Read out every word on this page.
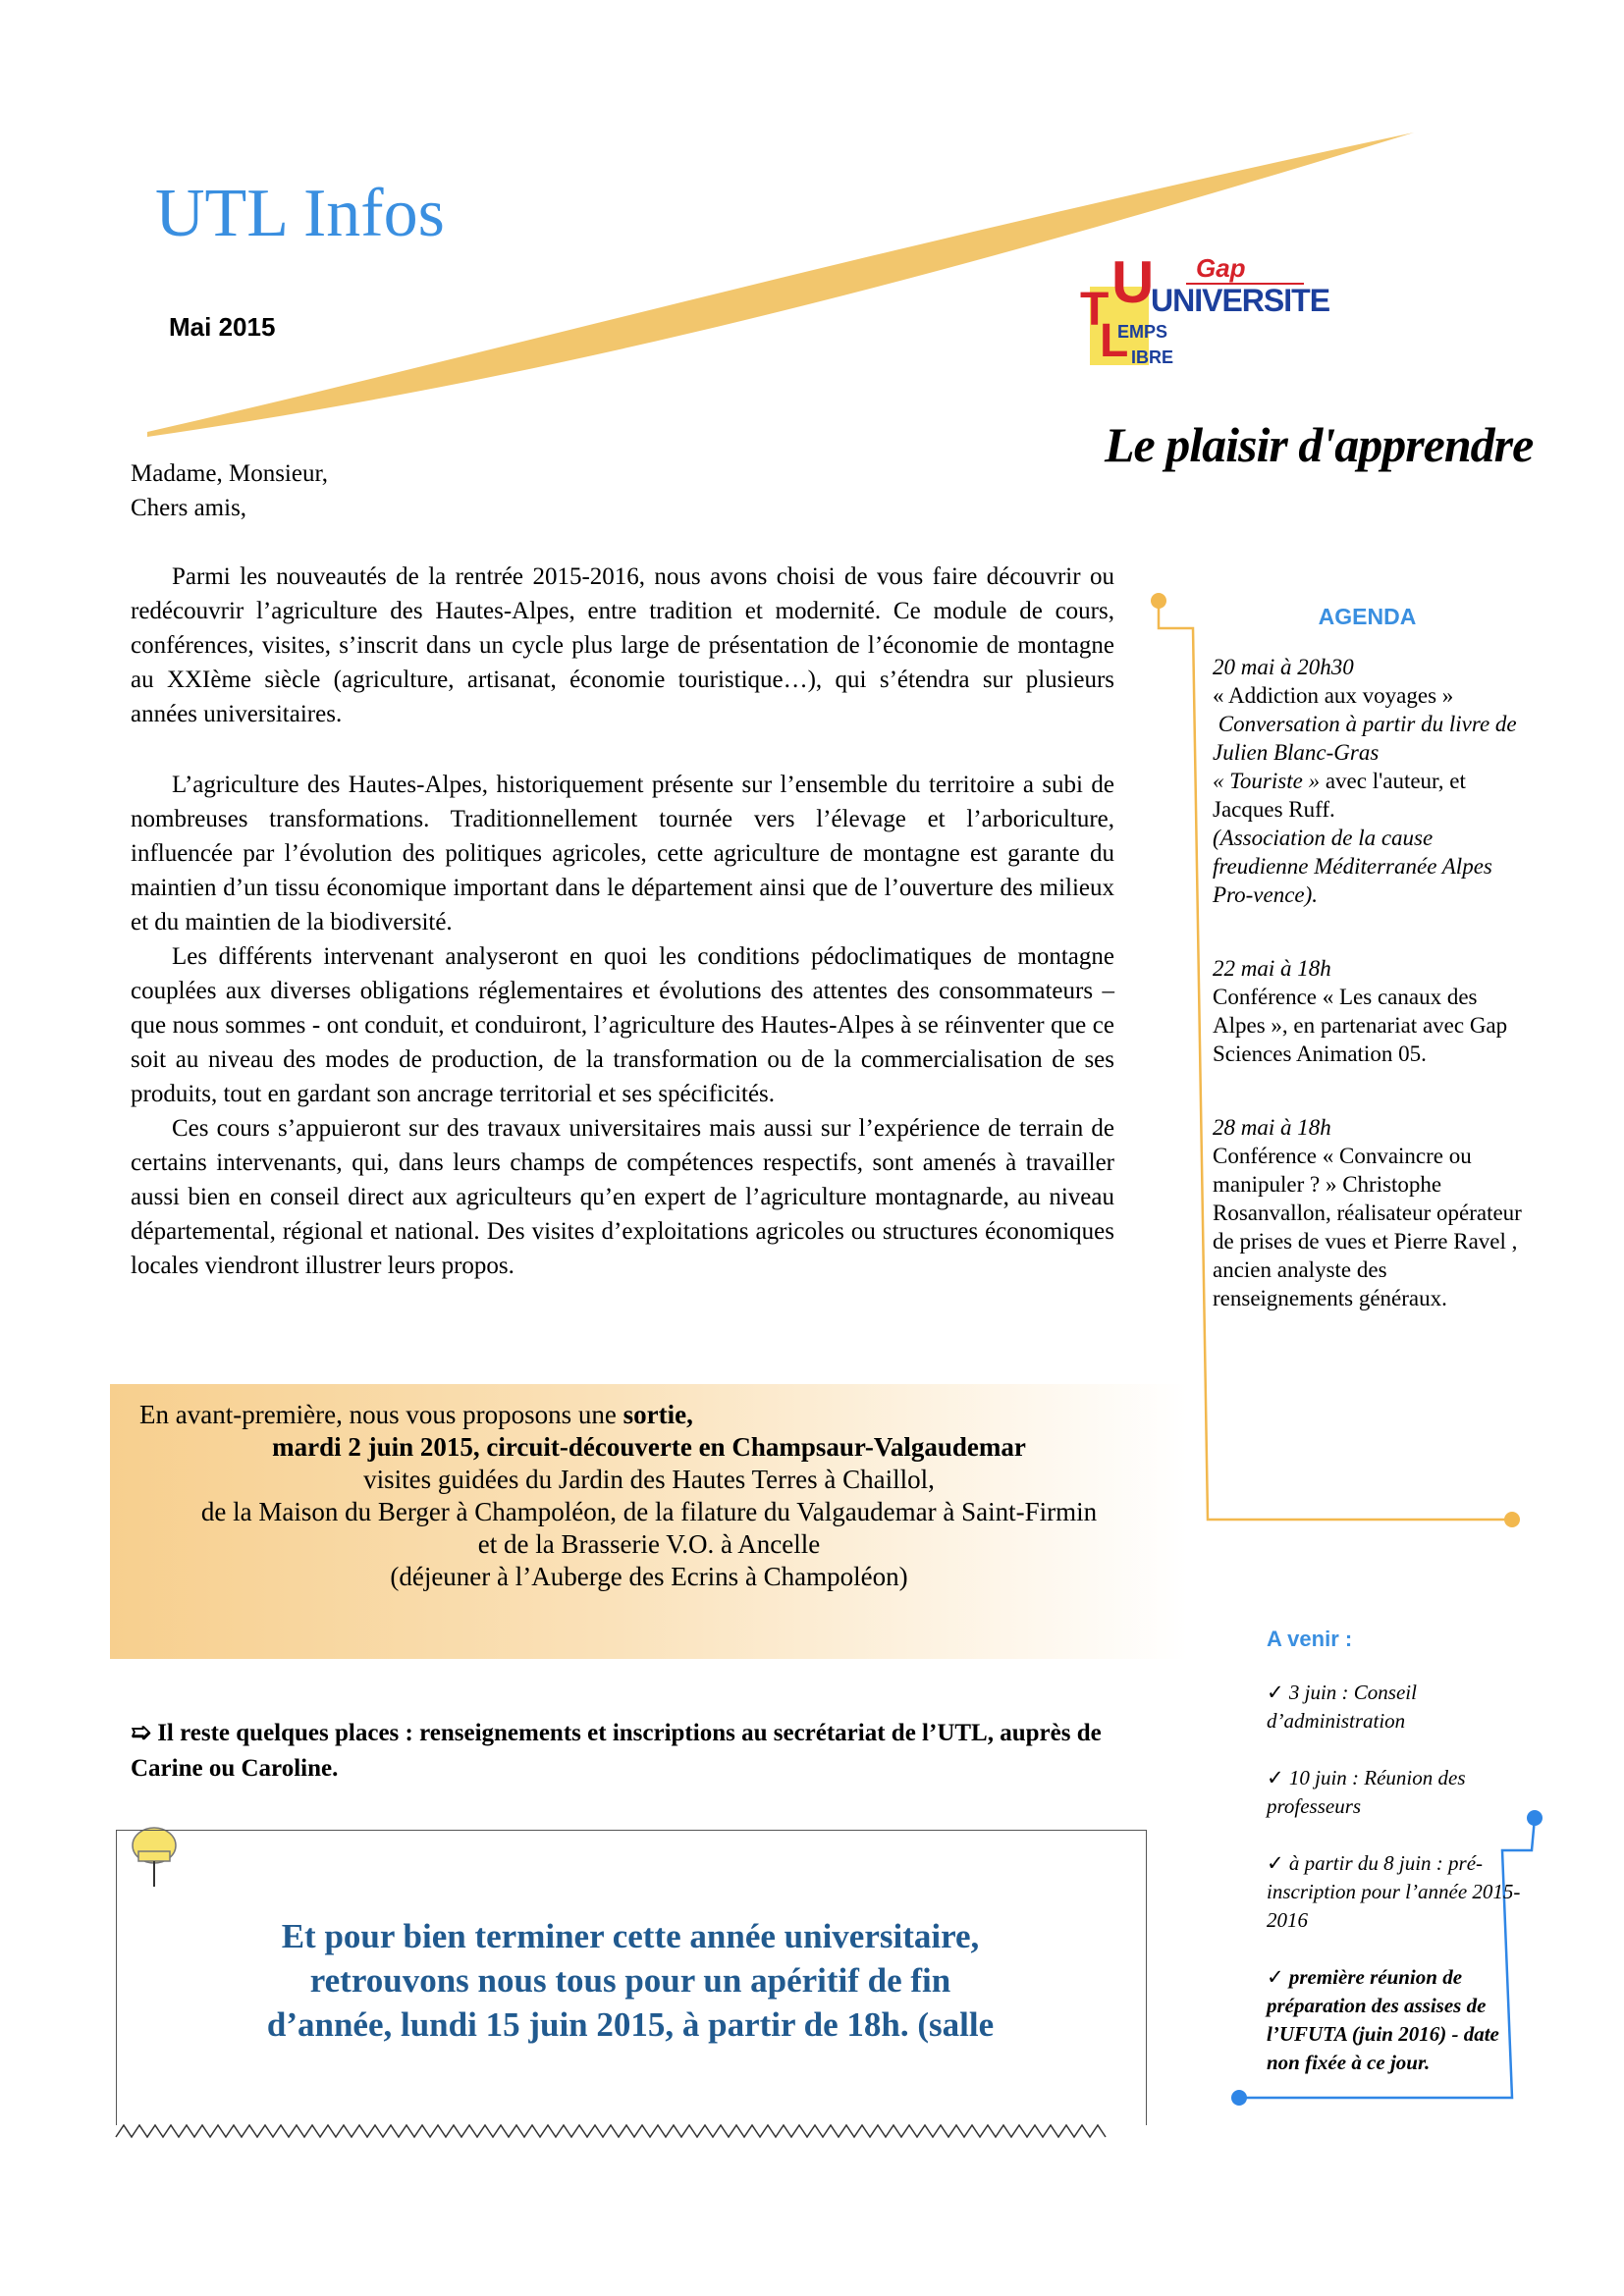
UTL Infos
Mai 2015
Gap
U
UNIVERSITE
T EMPS
L IBRE
Le plaisir d'apprendre
Madame, Monsieur,
Chers amis,

Parmi les nouveautés de la rentrée 2015-2016, nous avons choisi de vous faire découvrir ou redécouvrir l’agriculture des Hautes-Alpes, entre tradition et modernité. Ce module de cours, conférences, visites, s’inscrit dans un cycle plus large de présentation de l’économie de montagne au XXIème siècle (agriculture, artisanat, économie touristique…), qui s’étendra sur plusieurs années universitaires.

L’agriculture des Hautes-Alpes, historiquement présente sur l’ensemble du territoire a subi de nombreuses transformations. Traditionnellement tournée vers l’élevage et l’arboriculture, influencée par l’évolution des politiques agricoles, cette agriculture de montagne est garante du maintien d’un tissu économique important dans le département ainsi que de l’ouverture des milieux et du maintien de la biodiversité.

Les différents intervenant analyseront en quoi les conditions pédoclimatiques de montagne couplées aux diverses obligations réglementaires et évolutions des attentes des consommateurs – que nous sommes - ont conduit, et conduiront, l’agriculture des Hautes-Alpes à se réinventer que ce soit au niveau des modes de production, de la transformation ou de la commercialisation de ses produits, tout en gardant son ancrage territorial et ses spécificités.

Ces cours s’appuieront sur des travaux universitaires mais aussi sur l’expérience de terrain de certains intervenants, qui, dans leurs champs de compétences respectifs, sont amenés à travailler aussi bien en conseil direct aux agriculteurs qu’en expert de l’agriculture montagnarde, au niveau départemental, régional et national. Des visites d’exploitations agricoles ou structures économiques locales viendront illustrer leurs propos.

En avant-première, nous vous proposons une sortie,
mardi 2 juin 2015, circuit-découverte en Champsaur-Valgaudemar
visites guidées du Jardin des Hautes Terres à Chaillol,
de la Maison du Berger à Champoléon, de la filature du Valgaudemar à Saint-Firmin
et de la Brasserie V.O. à Ancelle
(déjeuner à l’Auberge des Ecrins à Champoléon)
➯ Il reste quelques places : renseignements et inscriptions au secrétariat de l’UTL, auprès de Carine ou Caroline.
Et pour bien terminer cette année universitaire,
retrouvons nous tous pour un apéritif de fin
d’année, lundi 15 juin 2015, à partir de 18h. (salle
AGENDA
20 mai à 20h30
« Addiction aux voyages »
Conversation à partir du livre de
Julien Blanc-Gras
« Touriste » avec l'auteur, et Jacques Ruff.
(Association de la cause freudienne Méditerranée Alpes Pro-vence).
22 mai à 18h
Conférence « Les canaux des Alpes », en partenariat avec Gap Sciences Animation 05.
28 mai à 18h
Conférence « Convaincre ou manipuler ? » Christophe Rosanvallon, réalisateur opérateur de prises de vues et Pierre Ravel , ancien analyste des renseignements généraux.
A venir :
✓ 3 juin : Conseil d’administration
✓ 10 juin : Réunion des professeurs
✓ à partir du 8 juin : pré-inscription pour l’année 2015-2016
✓ première réunion de préparation des assises de l’UFUTA (juin 2016) - date non fixée à ce jour.
